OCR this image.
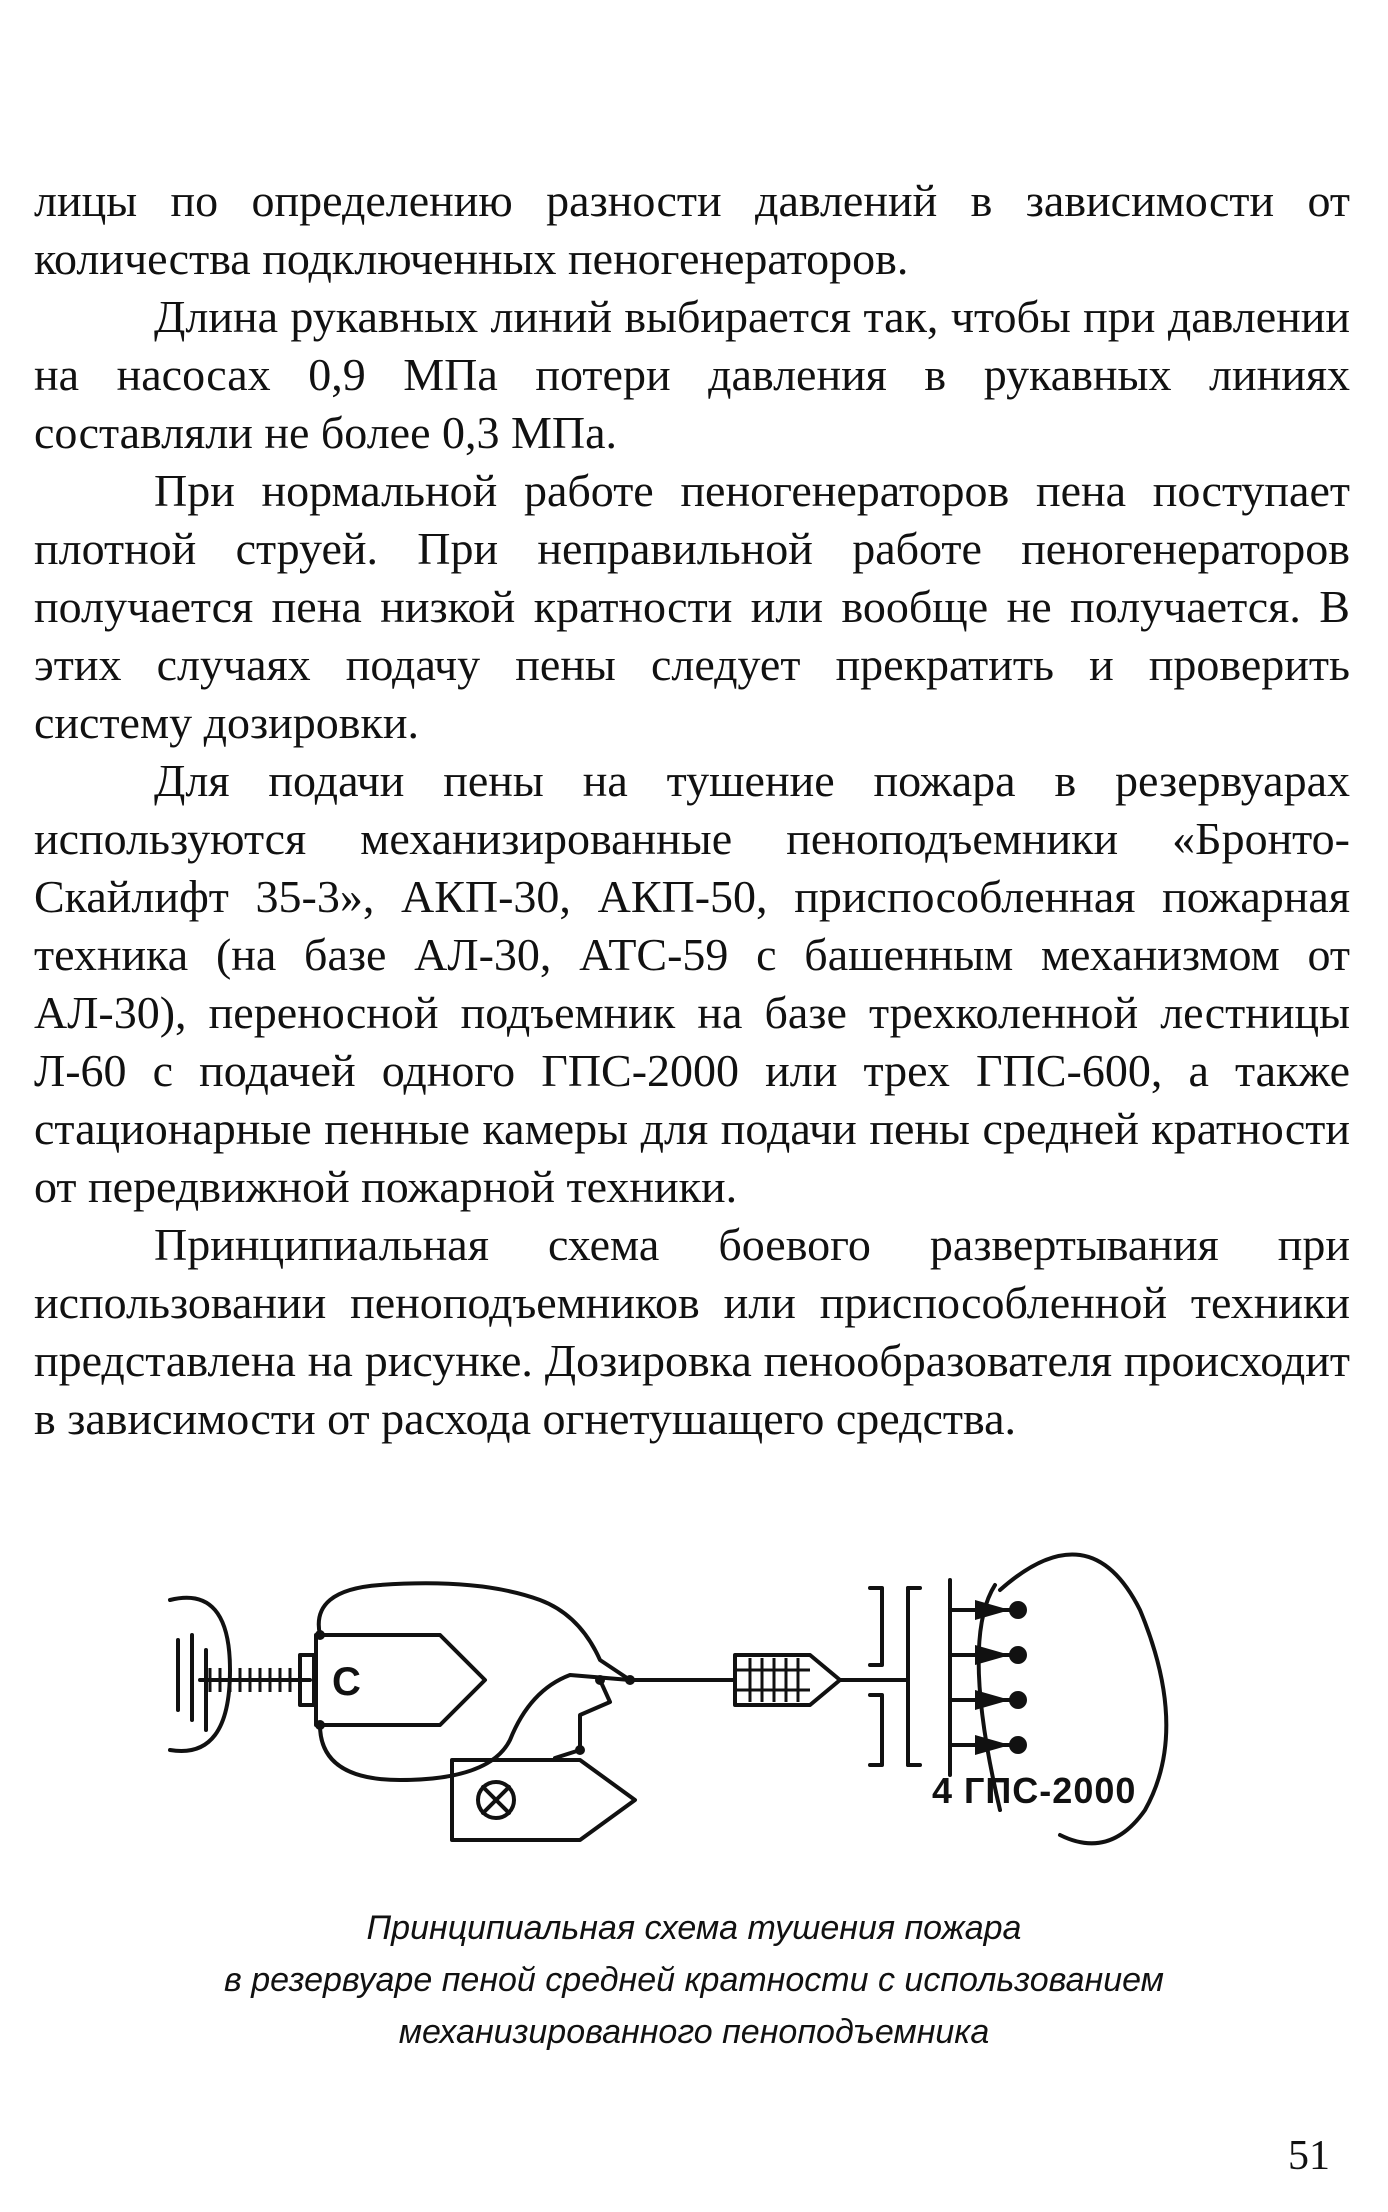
лицы по определению разности давлений в зависимости от количества подключенных пеногенераторов.

Длина рукавных линий выбирается так, чтобы при давлении на насосах 0,9 МПа потери давления в рукавных линиях составляли не более 0,3 МПа.

При нормальной работе пеногенераторов пена поступает плотной струей. При неправильной работе пеногенераторов получается пена низкой кратности или вообще не получается. В этих случаях подачу пены следует прекратить и проверить систему дозировки.

Для подачи пены на тушение пожара в резервуарах используются механизированные пеноподъемники «Бронто-Скайлифт 35-3», АКП-30, АКП-50, приспособленная пожарная техника (на базе АЛ-30, АТС-59 с башенным механизмом от АЛ-30), переносной подъемник на базе трехколенной лестницы Л-60 с подачей одного ГПС-2000 или трех ГПС-600, а также стационарные пенные камеры для подачи пены средней кратности от передвижной пожарной техники.

Принципиальная схема боевого развертывания при использовании пеноподъемников или приспособленной техники представлена на рисунке. Дозировка пенообразователя происходит в зависимости от расхода огнетушащего средства.

С
4 ГПС-2000
Принципиальная схема тушения пожара
в резервуаре пеной средней кратности с использованием
механизированного пеноподъемника
51
